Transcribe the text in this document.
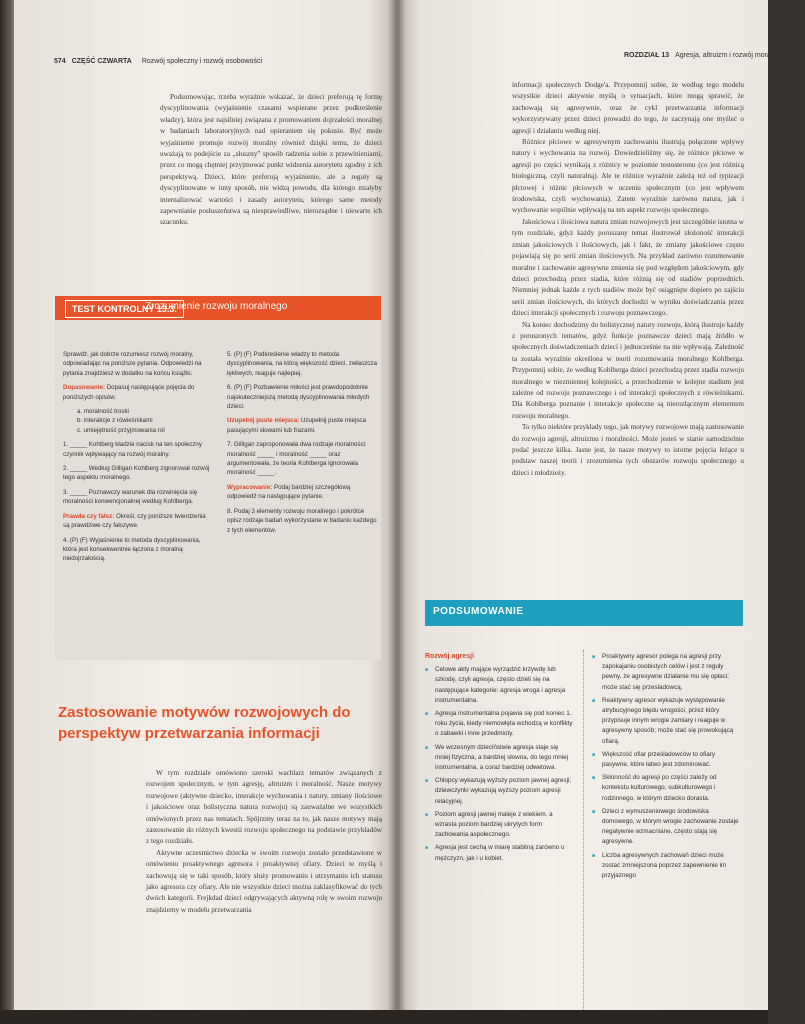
574 CZĘŚĆ CZWARTA Rozwój społeczny i rozwój osobowości

Podsumowując, trzeba wyraźnie wskazać, że dzieci preferują tę formę dyscyplinowania (wyjaśnienie czasami wspierane przez podkreślenie władzy), która jest najsilniej związana z promowaniem dojrzałości moralnej w badaniach laboratoryjnych nad opieraniem się pokusie. Być może wyjaśnienie promuje rozwój moralny również dzięki temu, że dzieci uważają to podejście za „słuszny” sposób radzenia sobie z przewinieniami, przez co mogą chętniej przyjmować punkt widzenia autorytetu zgodny z ich perspektywą. Dzieci, które preferują wyjaśnienie, ale a reguły są dyscyplinowane w inny sposób, nie widzą powodu, dla którego miałyby internalizować wartości i zasady autorytetu, którego same metody zapewnianie posłuszeństwa są niesprawiedliwe, nierozsądne i niewarte ich szacunku.

TEST KONTROLNY 13.3.
Zrozumienie rozwoju moralnego
Sprawdź, jak dobrze rozumiesz rozwój moralny, odpowiadając na poniższe pytania. Odpowiedzi na pytania znajdziesz w dodatku na końcu książki.
Dopasowanie: Dopasuj następujące pojęcia do poniższych opisów.
a. moralność troski
b. interakcje z rówieśnikami
c. umiejętność przyjmowania ról
1. _____ Kohlberg kładzie nacisk na ten społeczny czynnik wpływający na rozwój moralny.
2. _____ Według Gilligan Kohlberg zignorował rozwój tego aspektu moralnego.
3. _____ Poznawczy warunek dla rozwinięcia się moralności konwencjonalnej według Kohlberga.
Prawda czy fałsz: Określ, czy poniższe twierdzenia są prawdziwe czy fałszywe.
4. (P) (F) Wyjaśnienie to metoda dyscyplinowania, która jest konsekwentnie łączona z moralną niedojrzałością.
5. (P) (F) Podkreślenie władzy to metoda dyscyplinowania, na którą większość dzieci, zwłaszcza lękliwych, reaguje najlepiej.
6. (P) (F) Pozbawienie miłości jest prawdopodobnie najskuteczniejszą metodą dyscyplinowania młodych dzieci.
Uzupełnij puste miejsca: Uzupełnij puste miejsca pasującymi słowami lub frazami.
7. Gilligan zaproponowała dwa rodzaje moralności: moralność _____ i moralność _____ oraz argumentowała, że teoria Kohlberga ignorowała moralność _____.
Wypracowanie: Podaj bardziej szczegółową odpowiedź na następujące pytanie.
8. Podaj 3 elementy rozwoju moralnego i pokrótce opisz rodzaje badań wykorzystane w badaniu każdego z tych elementów.
Zastosowanie motywów rozwojowych do perspektyw przetwarzania informacji

W tym rozdziale omówiono szeroki wachlarz tematów związanych z rozwojem społecznym, w tym agresję, altruizm i moralność. Nasze motywy rozwojowe (aktywne dziecko, interakcje wychowania i natury, zmiany ilościowe i jakościowe oraz holistyczna natura rozwoju) są zauważalne we wszystkich omówionych przez nas tematach. Spójrzmy teraz na to, jak nasze motywy mają zastosowanie do różnych kwestii rozwoju społecznego na podstawie przykładów z tego rozdziału.

Aktywne uczestnictwo dziecka w swoim rozwoju zostało przedstawione w omówieniu proaktywnego agresora i proaktywnej ofiary. Dzieci te myślą i zachowują się w taki sposób, który służy promowaniu i utrzymaniu ich statusu jako agresora czy ofiary. Ale nie wszystkie dzieci można zaklasyfikować do tych dwóch kategorii. Frejkdad dzieci odgrywających aktywną rolę w swoim rozwoju znajdziemy w modelu przetwarzania

ROZDZIAŁ 13 Agresja, altruizm i rozwój moralny 575

informacji społecznych Dodge'a. Przypomnij sobie, że według tego modelu wszystkie dzieci aktywnie myślą o sytuacjach, które mogą sprawić, że zachowają się agresywnie, oraz że cykl przetwarzania informacji wykorzystywany przez dzieci prowadzi do tego, że zaczynają one myśleć o agresji i działaniu według niej.

Różnice płciowe w agresywnym zachowaniu ilustrują połączone wpływy natury i wychowania na rozwój. Dowiedzieliśmy się, że różnice płciowe w agresji po części wynikają z różnicy w poziomie testosteronu (co jest różnicą biologiczną, czyli naturalną). Ale te różnice wyraźnie zależą też od typizacji płciowej i różnic płciowych w uczeniu społecznym (co jest wpływem środowiska, czyli wychowania). Zatem wyraźnie zarówno natura, jak i wychowanie wspólnie wpływają na ten aspekt rozwoju społecznego.

Jakościowa i ilościowa natura zmian rozwojowych jest szczególnie istotna w tym rozdziale, gdyż każdy poruszany temat ilustrował złożoność interakcji zmian jakościowych i ilościowych, jak i fakt, że zmiany jakościowe często pojawiają się po serii zmian ilościowych. Na przykład zarówno rozumowanie moralne i zachowanie agresywne zmienia się pod względem jakościowym, gdy dzieci przechodzą przez stadia, które różnią się od stadiów poprzednich. Niemniej jednak każde z tych stadiów może być osiągnięte dopiero po zajściu serii zmian ilościowych, do których dochodzi w wyniku doświadczania przez dzieci interakcji społecznych i rozwoju poznawczego.

Na koniec dochodzimy do holistycznej natury rozwoju, którą ilustruje każdy z poruszonych tematów, gdyż funkcje poznawcze dzieci mają źródło w społecznych doświadczeniach dzieci i jednocześnie na nie wpływają. Zależność ta została wyraźnie określona w teorii rozumowania moralnego Kohlberga. Przypomnij sobie, że według Kohlberga dzieci przechodzą przez stadia rozwoju moralnego w niezmiennej kolejności, a przechodzenie w kolejne stadium jest zależne od rozwoju poznawczego i od interakcji społecznych z rówieśnikami. Dla Kohlberga poznanie i interakcje społeczne są nierozłącznym elementem rozwoju moralnego.

To tylko niektóre przykłady tego, jak motywy rozwojowe mają zastosowanie do rozwoju agresji, altruizmu i moralności. Może jesteś w stanie samodzielnie podać jeszcze kilka. Jasne jest, że nasze motywy to istotne pojęcia leżące u podstaw naszej teorii i zrozumienia tych obszarów rozwoju społecznego u dzieci i młodzieży.

PODSUMOWANIE
Rozwój agresji
■ Celowe akty mające wyrządzić krzywdę lub szkodę, czyli agresja, często dzieli się na następujące kategorie: agresja wroga i agresja instrumentalna.
■ Agresja instrumentalna pojawia się pod koniec 1. roku życia, kiedy niemowlęta wchodzą w konflikty o zabawki i inne przedmioty.
■ We wczesnym dzieciństwie agresja staje się mniej fizyczna, a bardziej słowna, do tego mniej instrumentalna, a coraz bardziej odwetowa.
■ Chłopcy wykazują wyższy poziom jawnej agresji; dziewczynki wykazują wyższy poziom agresji relacyjnej.
■ Poziom agresji jawnej maleje z wiekiem, a wzrasta poziom bardziej ukrytych form zachowania aspołecznego.
■ Agresja jest cechą w miarę stabilną zarówno u mężczyzn, jak i u kobiet.
■ Proaktywny agresor polega na agresji przy zapokajaniu osobistych celów i jest z reguły pewny, że agresywne działanie mu się opłaci; może stać się przesladowcą.
■ Reaktywny agresor wykazuje występowanie atrybucyjnego błędu wrogości, przez który przypisuje innym wrogie zamiary i reaguje w agresywny sposób; może stać się prowokującą ofiarą.
■ Większość ofiar prześladowców to ofiary pasywne, które łatwo jest zdominować.
■ Skłonność do agresji po części zależy od kontekstu kulturowego, subkulturowego i rodzinnego, w którym dziecko dorasta.
■ Dzieci z wymuszeniowego środowiska domowego, w którym wrogie zachowanie zostaje negatywnie wzmacniane, często stają się agresywne.
■ Liczba agresywnych zachowań dzieci może zostać zmniejszona poprzez zapewnienie im przyjaznego
